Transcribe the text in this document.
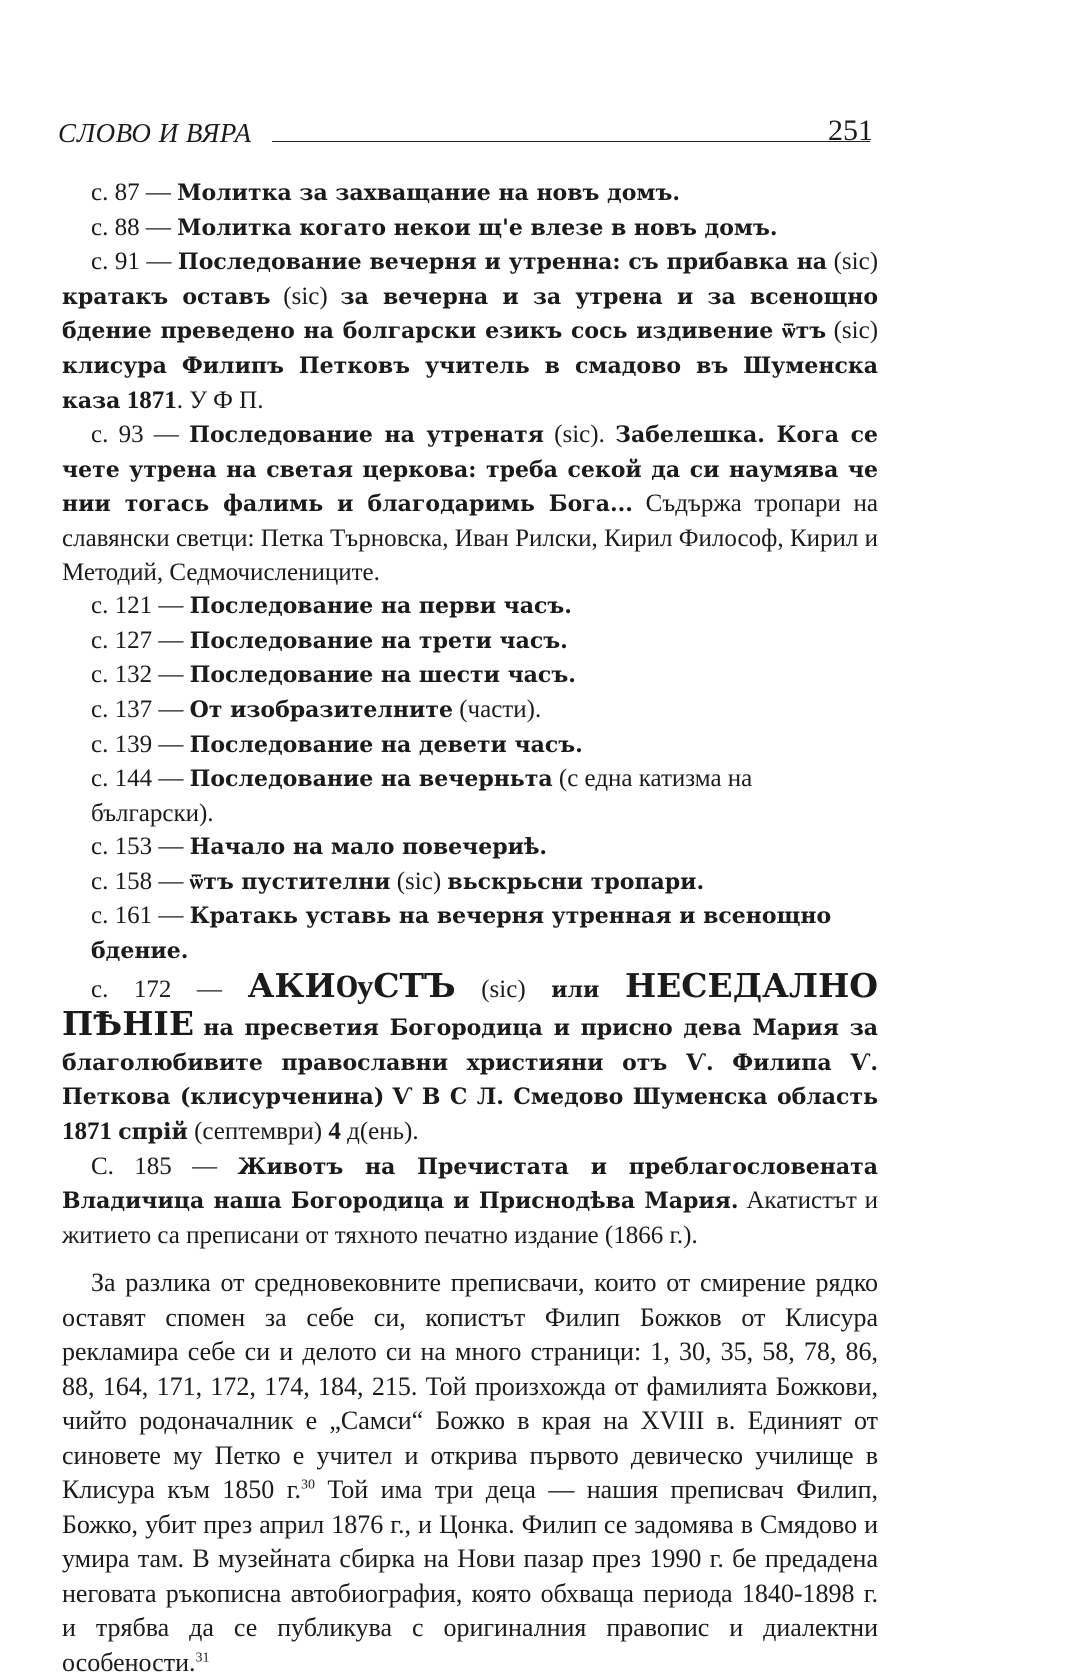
СЛОВО И ВЯРА	251

с. 87 — Молитка за захващание на новъ домъ.

с. 88 — Молитка когато некои щ'е влезе в новъ домъ.

с. 91 — Последование вечерня и утренна: съ прибавка на (sic) кратакъ оставъ (sic) за вечерна и за утрена и за всенощно бдение преведено на болгарски езикъ сось издивение ѿтъ (sic) клисура Филипъ Петковъ учитель в смадово въ Шуменска каза 1871. У Ф П.

с. 93 — Последование на утренатя (sic). Забелешка. Кога се чете утрена на светая церкова: треба секой да си наумява че нии тогась фалимь и благодаримь Бога... Съдържа тропари на славянски светци: Петка Търновска, Иван Рилски, Кирил Философ, Кирил и Методий, Седмочислениците.

с. 121 — Последование на перви часъ.

с. 127 — Последование на трети часъ.

с. 132 — Последование на шести часъ.

с. 137 — От изобразителните (части).

с. 139 — Последование на девети часъ.

с. 144 — Последование на вечерньта (с една катизма на български).

с. 153 — Начало на мало повечериѣ.

с. 158 — ѿтъ пустителни (sic) вьскрьсни тропари.

с. 161 — Кратакь уставь на вечерня утренная и всенощно бдение.

с. 172 — АКИѸСТЪ (sic) или НЕСЕДАЛНО ПѢНІЕ на пресветия Богородица и присно дева Мария за благолюбивите православни християни отъ Ѵ. Филипа Ѵ. Петкова (клисурченина) Ѵ В С Л. Смедово Шуменска область 1871 спрій (септември) 4 д(ень).

С. 185 — Животъ на Пречистата и преблагословената Владичица наша Богородица и Приснодѣва Мария. Акатистът и житието са преписани от тяхното печатно издание (1866 г.).

За разлика от средновековните преписвачи, които от смирение рядко оставят спомен за себе си, копистът Филип Божков от Клисура рекламира себе си и делото си на много страници: 1, 30, 35, 58, 78, 86, 88, 164, 171, 172, 174, 184, 215. Той произхожда от фамилията Божкови, чийто родоначалник е „Самси“ Божко в края на XVIII в. Единият от синовете му Петко е учител и открива първото девическо училище в Клисура към 1850 г.$^{30}$ Той има три деца — нашия преписвач Филип, Божко, убит през април 1876 г., и Цонка. Филип се задомява в Смядово и умира там. В музейната сбирка на Нови пазар през 1990 г. бе предадена неговата ръкописна автобиография, която обхваща периода 1840-1898 г. и трябва да се публикува с оригиналния правопис и диалектни особености.$^{31}$
